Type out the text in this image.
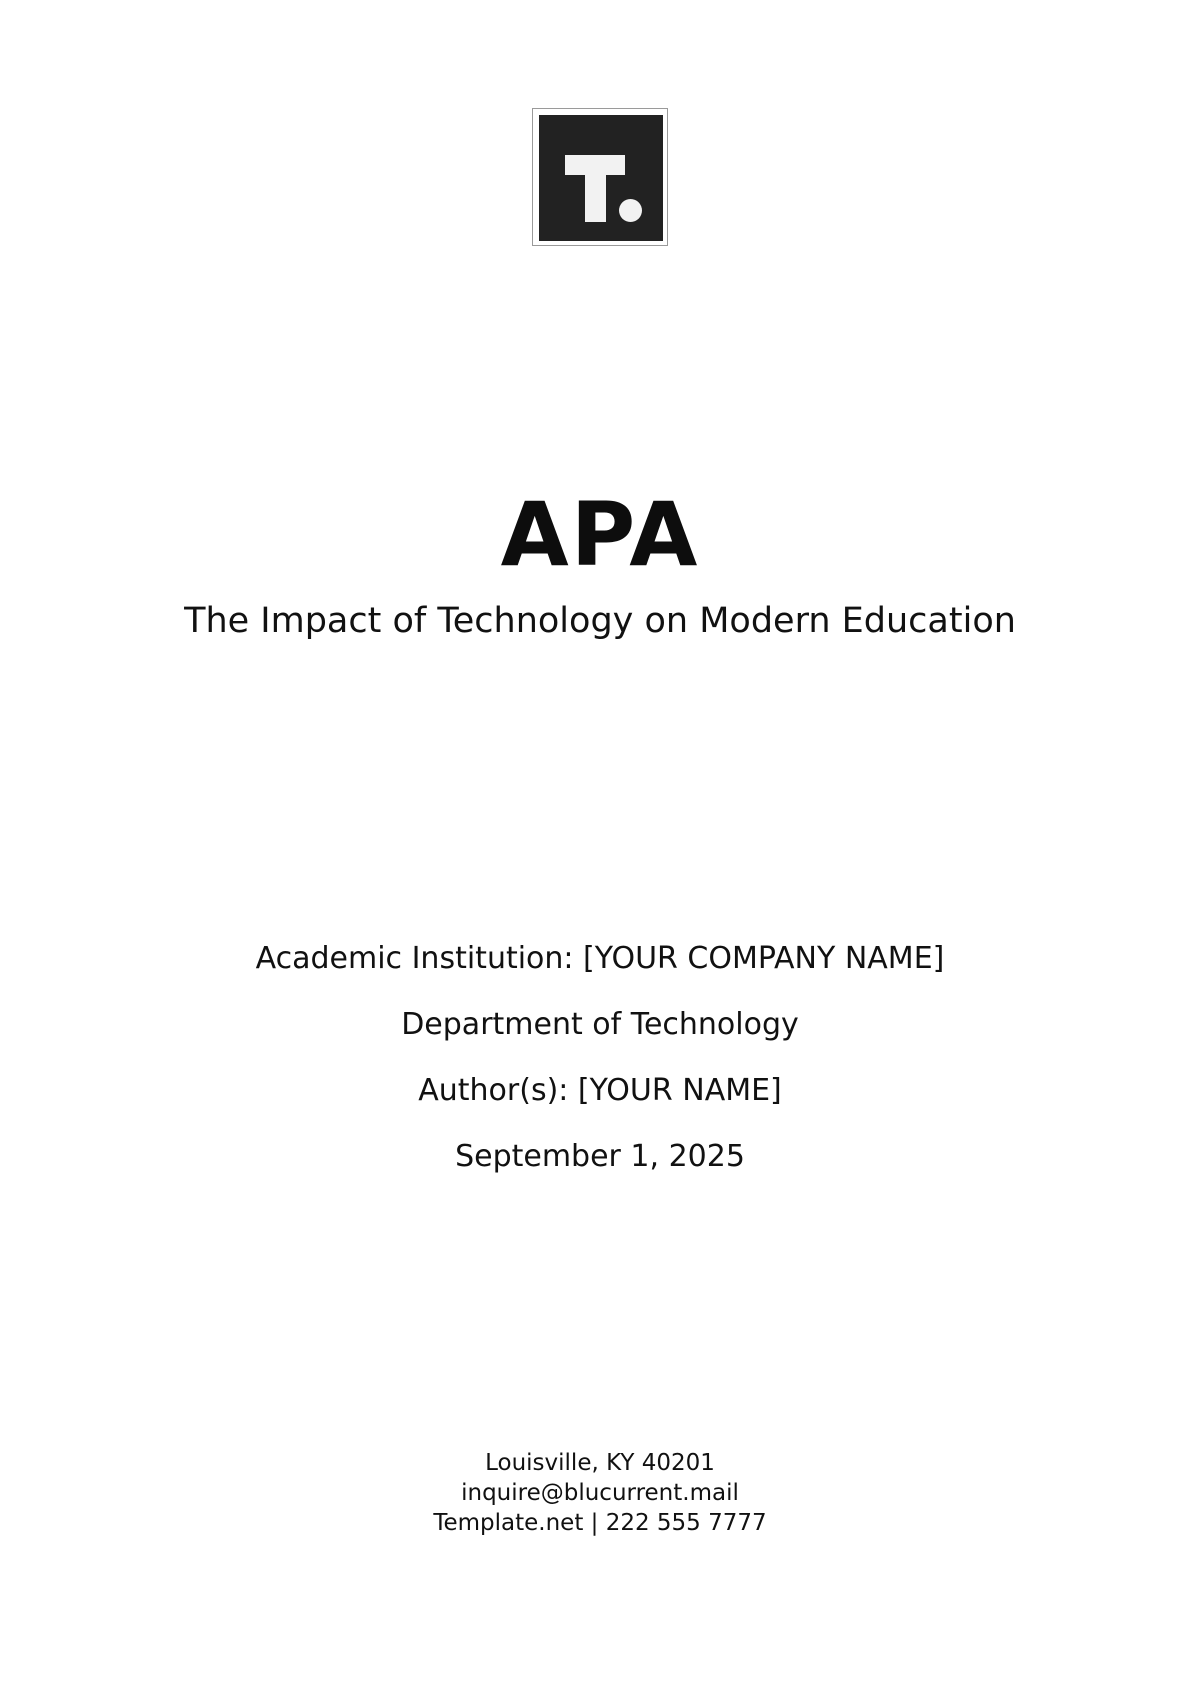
APA
The Impact of Technology on Modern Education
Academic Institution: [YOUR COMPANY NAME]
Department of Technology
Author(s): [YOUR NAME]
September 1, 2025
Louisville, KY 40201
inquire@blucurrent.mail
Template.net | 222 555 7777
